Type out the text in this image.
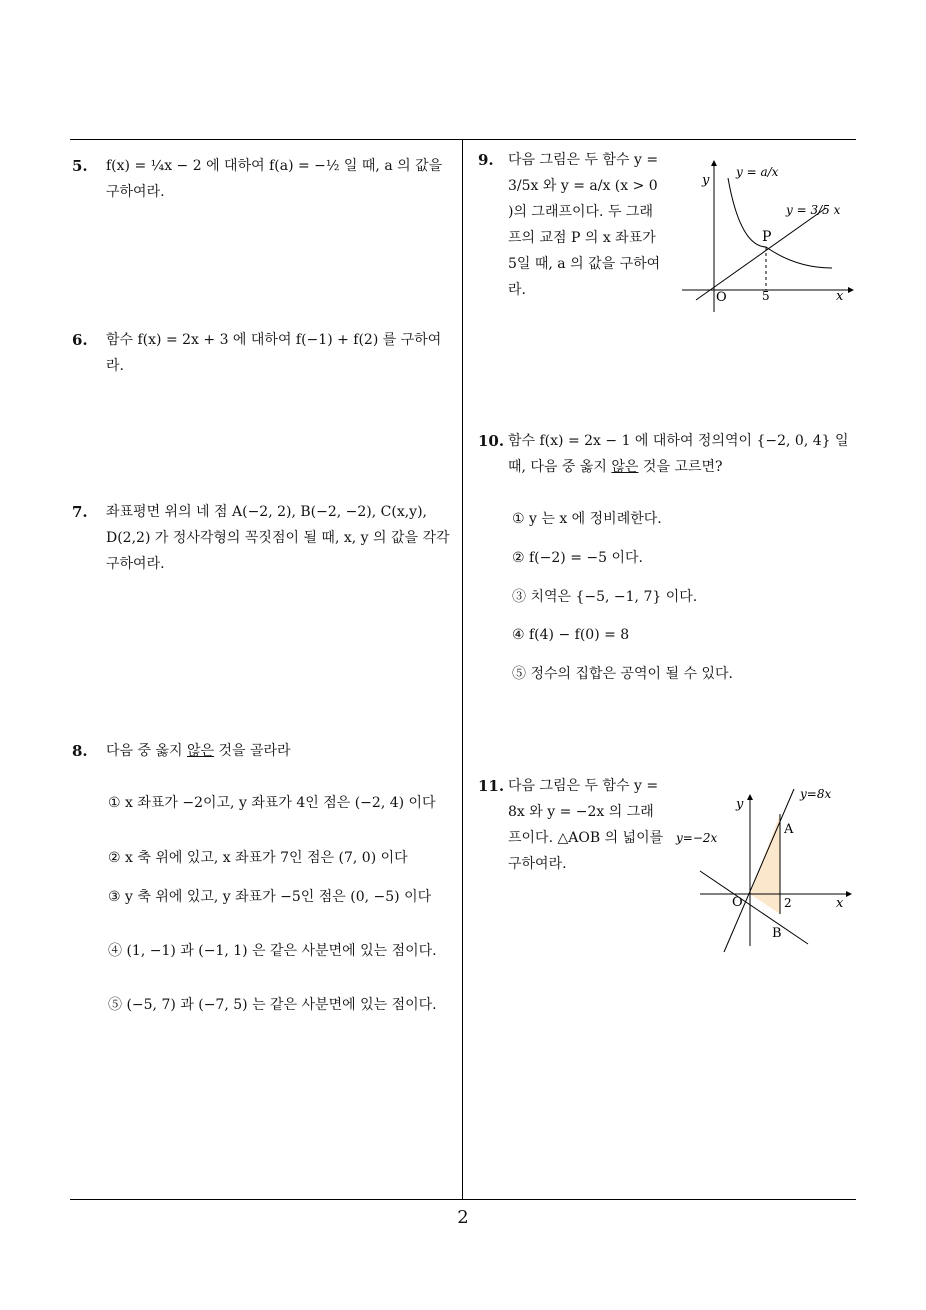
5.	f(x) = ¼x − 2 에 대하여 f(a) = −½ 일 때, a 의 값을 구하여라.
6.	함수 f(x) = 2x + 3 에 대하여 f(−1) + f(2) 를 구하여라.
7.	좌표평면 위의 네 점 A(−2, 2), B(−2, −2), C(x,y), D(2,2) 가 정사각형의 꼭짓점이 될 때, x, y 의 값을 각각 구하여라.
8.	다음 중 옳지 않은 것을 골라라
① x 좌표가 −2이고, y 좌표가 4인 점은 (−2, 4) 이다
② x 축 위에 있고, x 좌표가 7인 점은 (7, 0) 이다
③ y 축 위에 있고, y 좌표가 −5인 점은 (0, −5) 이다
④ (1, −1) 과 (−1, 1) 은 같은 사분면에 있는 점이다.
⑤ (−5, 7) 과 (−7, 5) 는 같은 사분면에 있는 점이다.
9.	다음 그림은 두 함수 y = 3/5x 와 y = a/x (x > 0 )의 그래프이다. 두 그래프의 교점 P 의 x 좌표가 5일 때, a 의 값을 구하여라.
y
x
O
P
5
y = a/x
y = 3/5 x
10. 함수 f(x) = 2x − 1 에 대하여 정의역이 {−2, 0, 4} 일 때, 다음 중 옳지 않은 것을 고르면?
① y 는 x 에 정비례한다.
② f(−2) = −5 이다.
③ 치역은 {−5, −1, 7} 이다.
④ f(4) − f(0) = 8
⑤ 정수의 집합은 공역이 될 수 있다.
11. 다음 그림은 두 함수 y = 8x 와 y = −2x 의 그래프이다. △AOB 의 넓이를 구하여라.
y
x
O
A
B
2
y=8x
y=−2x
2
